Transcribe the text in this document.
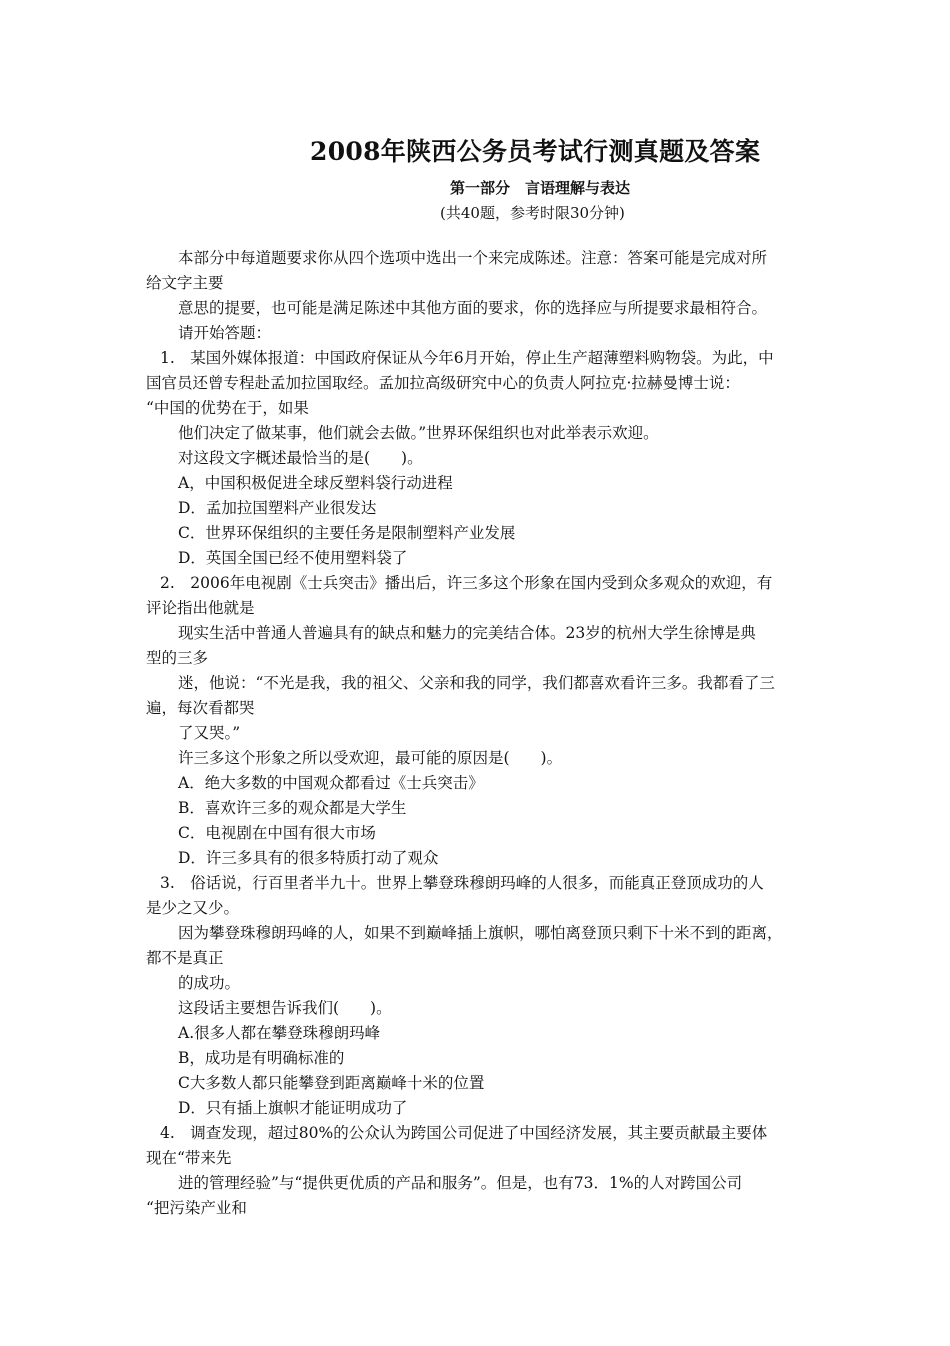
2008年陕西公务员考试行测真题及答案
第一部分　言语理解与表达
(共40题，参考时限30分钟)
本部分中每道题要求你从四个选项中选出一个来完成陈述。注意：答案可能是完成对所
给文字主要
意思的提要，也可能是满足陈述中其他方面的要求，你的选择应与所提要求最相符合。
请开始答题：
1.　某国外媒体报道：中国政府保证从今年6月开始，停止生产超薄塑料购物袋。为此，中
国官员还曾专程赴孟加拉国取经。孟加拉高级研究中心的负责人阿拉克·拉赫曼博士说：
“中国的优势在于，如果
他们决定了做某事，他们就会去做。”世界环保组织也对此举表示欢迎。
对这段文字概述最恰当的是(　　)。
A，中国积极促进全球反塑料袋行动进程
D．孟加拉国塑料产业很发达
C．世界环保组织的主要任务是限制塑料产业发展
D．英国全国已经不使用塑料袋了
2.　2006年电视剧《士兵突击》播出后，许三多这个形象在国内受到众多观众的欢迎，有
评论指出他就是
现实生活中普通人普遍具有的缺点和魅力的完美结合体。23岁的杭州大学生徐博是典
型的三多
迷，他说：“不光是我，我的祖父、父亲和我的同学，我们都喜欢看许三多。我都看了三
遍，每次看都哭
了又哭。”
许三多这个形象之所以受欢迎，最可能的原因是(　　)。
A．绝大多数的中国观众都看过《士兵突击》
B．喜欢许三多的观众都是大学生
C．电视剧在中国有很大市场
D．许三多具有的很多特质打动了观众
3.　俗话说，行百里者半九十。世界上攀登珠穆朗玛峰的人很多，而能真正登顶成功的人
是少之又少。
因为攀登珠穆朗玛峰的人，如果不到巅峰插上旗帜，哪怕离登顶只剩下十米不到的距离，
都不是真正
的成功。
这段话主要想告诉我们(　　)。
A.很多人都在攀登珠穆朗玛峰
B，成功是有明确标准的
C大多数人都只能攀登到距离巅峰十米的位置
D．只有插上旗帜才能证明成功了
4.　调查发现，超过80%的公众认为跨国公司促进了中国经济发展，其主要贡献最主要体
现在“带来先
进的管理经验”与“提供更优质的产品和服务”。但是，也有73．1%的人对跨国公司
“把污染产业和
